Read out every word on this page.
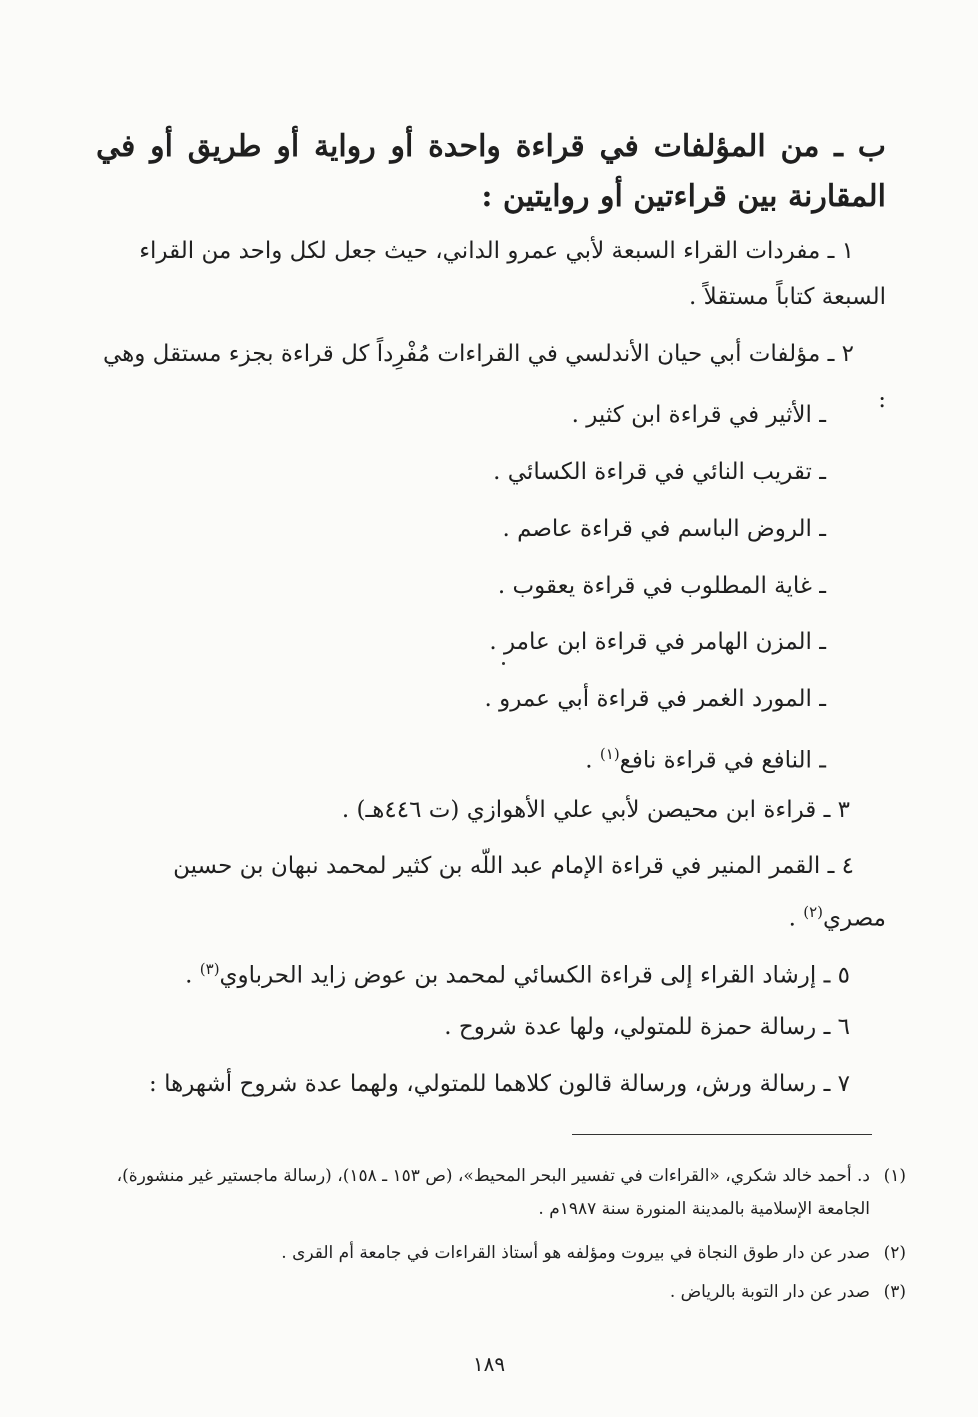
ب ـ من المؤلفات في قراءة واحدة أو رواية أو طريق أو في المقارنة بين قراءتين أو روايتين :
١ ـ مفردات القراء السبعة لأبي عمرو الداني، حيث جعل لكل واحد من القراء السبعة كتاباً مستقلاً .
٢ ـ مؤلفات أبي حيان الأندلسي في القراءات مُفْرِداً كل قراءة بجزء مستقل وهي :
ـ الأثير في قراءة ابن كثير .
ـ تقريب النائي في قراءة الكسائي .
ـ الروض الباسم في قراءة عاصم .
ـ غاية المطلوب في قراءة يعقوب .
ـ المزن الهامر في قراءة ابن عامر .
ـ المورد الغمر في قراءة أبي عمرو .
ـ النافع في قراءة نافع$^{(١)}$ .
٣ ـ قراءة ابن محيصن لأبي علي الأهوازي (ت ٤٤٦هـ) .
٤ ـ القمر المنير في قراءة الإمام عبد اللّه بن كثير لمحمد نبهان بن حسين مصري$^{(٢)}$ .
٥ ـ إرشاد القراء إلى قراءة الكسائي لمحمد بن عوض زايد الحرباوي$^{(٣)}$ .
٦ ـ رسالة حمزة للمتولي، ولها عدة شروح .
٧ ـ رسالة ورش، ورسالة قالون كلاهما للمتولي، ولهما عدة شروح أشهرها :
(١)
د. أحمد خالد شكري، «القراءات في تفسير البحر المحيط»، (ص ١٥٣ ـ ١٥٨)، (رسالة ماجستير غير منشورة)، الجامعة الإسلامية بالمدينة المنورة سنة ١٩٨٧م .
(٢)
صدر عن دار طوق النجاة في بيروت ومؤلفه هو أستاذ القراءات في جامعة أم القرى .
(٣)
صدر عن دار التوبة بالرياض .
١٨٩
